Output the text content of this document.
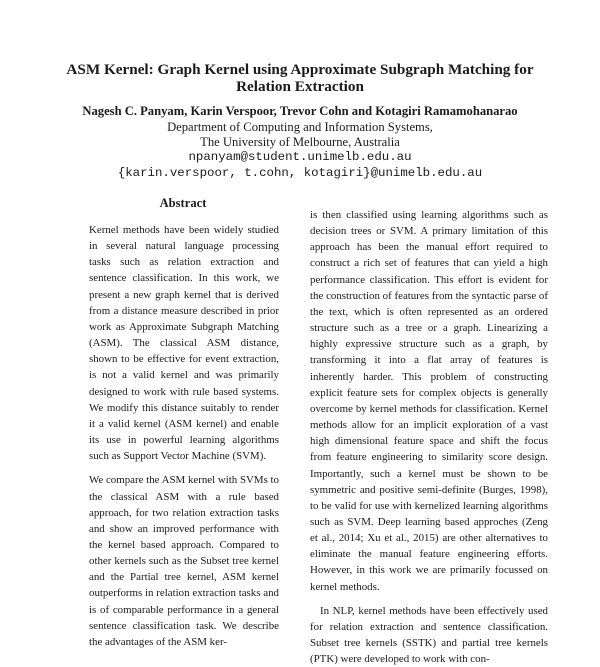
ASM Kernel: Graph Kernel using Approximate Subgraph Matching for
Relation Extraction
Nagesh C. Panyam, Karin Verspoor, Trevor Cohn and Kotagiri Ramamohanarao
Department of Computing and Information Systems,
The University of Melbourne, Australia
npanyam@student.unimelb.edu.au
{karin.verspoor, t.cohn, kotagiri}@unimelb.edu.au
Abstract

Kernel methods have been widely studied in several natural language processing tasks such as relation extraction and sentence classification. In this work, we present a new graph kernel that is derived from a distance measure described in prior work as Approximate Subgraph Matching (ASM). The classical ASM distance, shown to be effective for event extraction, is not a valid kernel and was primarily designed to work with rule based systems. We modify this distance suitably to render it a valid kernel (ASM kernel) and enable its use in powerful learning algorithms such as Support Vector Machine (SVM).

We compare the ASM kernel with SVMs to the classical ASM with a rule based approach, for two relation extraction tasks and show an improved performance with the kernel based approach. Compared to other kernels such as the Subset tree kernel and the Partial tree kernel, ASM kernel outperforms in relation extraction tasks and is of comparable performance in a general sentence classification task. We describe the advantages of the ASM ker-

is then classified using learning algorithms such as decision trees or SVM. A primary limitation of this approach has been the manual effort required to construct a rich set of features that can yield a high performance classification. This effort is evident for the construction of features from the syntactic parse of the text, which is often represented as an ordered structure such as a tree or a graph. Linearizing a highly expressive structure such as a graph, by transforming it into a flat array of features is inherently harder. This problem of constructing explicit feature sets for complex objects is generally overcome by kernel methods for classification. Kernel methods allow for an implicit exploration of a vast high dimensional feature space and shift the focus from feature engineering to similarity score design. Importantly, such a kernel must be shown to be symmetric and positive semi-definite (Burges, 1998), to be valid for use with kernelized learning algorithms such as SVM. Deep learning based approches (Zeng et al., 2014; Xu et al., 2015) are other alternatives to eliminate the manual feature engineering efforts. However, in this work we are primarily focussed on kernel methods.

In NLP, kernel methods have been effectively used for relation extraction and sentence classification. Subset tree kernels (SSTK) and partial tree kernels (PTK) were developed to work with con-
